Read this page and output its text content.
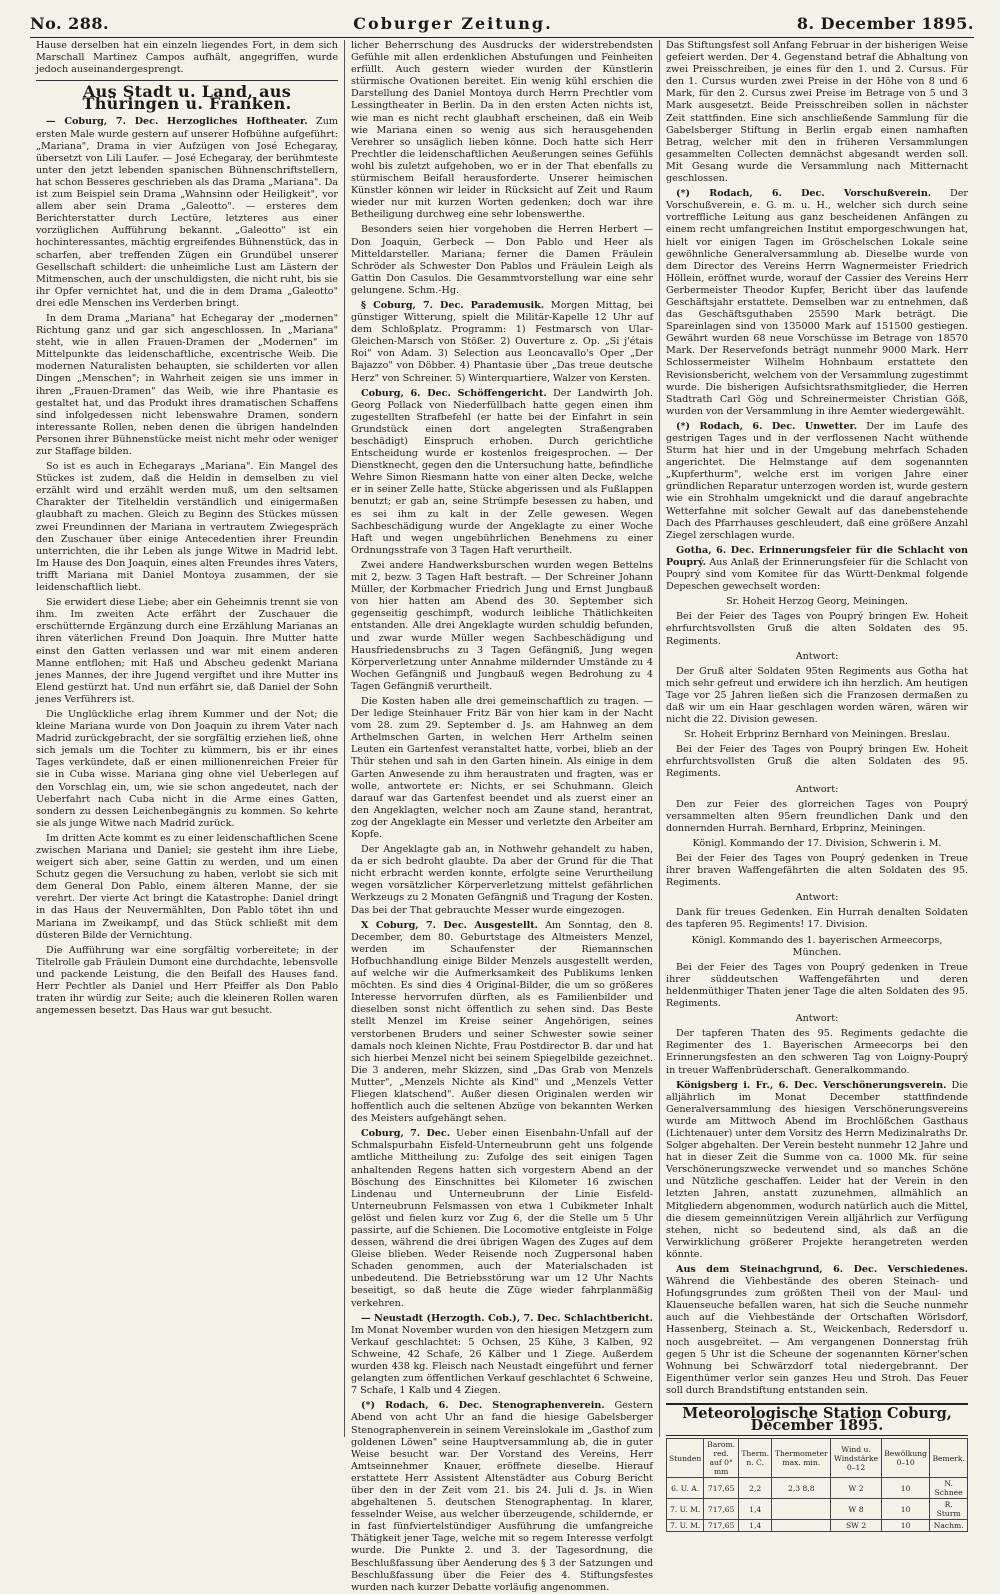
No. 288.	Coburger Zeitung.	8. December 1895.

Hause derselben hat ein einzeln liegendes Fort, in dem sich Marschall Martinez Campos aufhält, angegriffen, wurde jedoch auseinandergesprengt.

Aus Stadt u. Land, aus Thüringen u. Franken.

— Coburg, 7. Dec. Herzogliches Hoftheater. Zum ersten Male wurde gestern auf unserer Hofbühne aufgeführt: „Mariana", Drama in vier Aufzügen von José Echegaray, übersetzt von Lili Laufer. — José Echegaray, der berühmteste unter den jetzt lebenden spanischen Bühnenschriftstellern, hat schon Besseres geschrieben als das Drama „Mariana". Da ist zum Beispiel sein Drama „Wahnsinn oder Heiligkeit", vor allem aber sein Drama „Galeotto". — ersteres dem Berichterstatter durch Lectüre, letzteres aus einer vorzüglichen Aufführung bekannt. „Galeotto" ist ein hochinteressantes, mächtig ergreifendes Bühnenstück, das in scharfen, aber treffenden Zügen ein Grundübel unserer Gesellschaft schildert: die unheimliche Lust am Lästern der Mitmenschen, auch der unschuldigsten, die nicht ruht, bis sie ihr Opfer vernichtet hat, und die in dem Drama „Galeotto" drei edle Menschen ins Verderben bringt.

In dem Drama „Mariana" hat Echegaray der „modernen" Richtung ganz und gar sich angeschlossen. In „Mariana" steht, wie in allen Frauen-Dramen der „Modernen" im Mittelpunkte das leidenschaftliche, excentrische Weib. Die modernen Naturalisten behaupten, sie schilderten vor allen Dingen „Menschen"; in Wahrheit zeigen sie uns immer in ihren „Frauen-Dramen" das Weib, wie ihre Phantasie es gestaltet hat, und das Produkt ihres dramatischen Schaffens sind infolgedessen nicht lebenswahre Dramen, sondern interessante Rollen, neben denen die übrigen handelnden Personen ihrer Bühnenstücke meist nicht mehr oder weniger zur Staffage bilden.

So ist es auch in Echegarays „Mariana". Ein Mangel des Stückes ist zudem, daß die Heldin in demselben zu viel erzählt wird und erzählt werden muß, um den seltsamen Charakter der Titelheldin verständlich und einigermaßen glaubhaft zu machen. Gleich zu Beginn des Stückes müssen zwei Freundinnen der Mariana in vertrautem Zwiegespräch den Zuschauer über einige Antecedentien ihrer Freundin unterrichten, die ihr Leben als junge Witwe in Madrid lebt. Im Hause des Don Joaquin, eines alten Freundes ihres Vaters, trifft Mariana mit Daniel Montoya zusammen, der sie leidenschaftlich liebt.

Sie erwidert diese Liebe; aber ein Geheimnis trennt sie von ihm. Im zweiten Acte erfährt der Zuschauer die erschütternde Ergänzung durch eine Erzählung Marianas an ihren väterlichen Freund Don Joaquin. Ihre Mutter hatte einst den Gatten verlassen und war mit einem anderen Manne entflohen; mit Haß und Abscheu gedenkt Mariana jenes Mannes, der ihre Jugend vergiftet und ihre Mutter ins Elend gestürzt hat. Und nun erfährt sie, daß Daniel der Sohn jenes Verführers ist.

Die Unglückliche erlag ihrem Kummer und der Not; die kleine Mariana wurde von Don Joaquin zu ihrem Vater nach Madrid zurückgebracht, der sie sorgfältig erziehen ließ, ohne sich jemals um die Tochter zu kümmern, bis er ihr eines Tages verkündete, daß er einen millionenreichen Freier für sie in Cuba wisse. Mariana ging ohne viel Ueberlegen auf den Vorschlag ein, um, wie sie schon angedeutet, nach der Ueberfahrt nach Cuba nicht in die Arme eines Gatten, sondern zu dessen Leichenbegängnis zu kommen. So kehrte sie als junge Witwe nach Madrid zurück.

Im dritten Acte kommt es zu einer leidenschaftlichen Scene zwischen Mariana und Daniel; sie gesteht ihm ihre Liebe, weigert sich aber, seine Gattin zu werden, und um einen Schutz gegen die Versuchung zu haben, verlobt sie sich mit dem General Don Pablo, einem älteren Manne, der sie verehrt. Der vierte Act bringt die Katastrophe: Daniel dringt in das Haus der Neuvermählten, Don Pablo tötet ihn und Mariana im Zweikampf, und das Stück schließt mit dem düsteren Bilde der Vernichtung.

Die Aufführung war eine sorgfältig vorbereitete; in der Titelrolle gab Fräulein Dumont eine durchdachte, lebensvolle und packende Leistung, die den Beifall des Hauses fand. Herr Pechtler als Daniel und Herr Pfeiffer als Don Pablo traten ihr würdig zur Seite; auch die kleineren Rollen waren angemessen besetzt. Das Haus war gut besucht.

licher Beherrschung des Ausdrucks der widerstrebendsten Gefühle mit allen erdenklichen Abstufungen und Feinheiten erfüllt. Auch gestern wieder wurden der Künstlerin stürmische Ovationen bereitet. Ein wenig kühl erschien die Darstellung des Daniel Montoya durch Herrn Prechtler vom Lessingtheater in Berlin. Da in den ersten Acten nichts ist, wie man es nicht recht glaubhaft erscheinen, daß ein Weib wie Mariana einen so wenig aus sich herausgehenden Verehrer so unsäglich lieben könne. Doch hatte sich Herr Prechtler die leidenschaftlichen Aeußerungen seines Gefühls wohl bis zuletzt aufgehoben, wo er in der That ebenfalls zu stürmischem Beifall herausforderte. Unserer heimischen Künstler können wir leider in Rücksicht auf Zeit und Raum wieder nur mit kurzen Worten gedenken; doch war ihre Betheiligung durchweg eine sehr lobenswerthe.

Besonders seien hier vorgehoben die Herren Herbert — Don Joaquin, Gerbeck — Don Pablo und Heer als Mitteldarsteller. Mariana; ferner die Damen Fräulein Schröder als Schwester Don Pablos und Fräulein Leigh als Gattin Don Casulos. Die Gesammtvorstellung war eine sehr gelungene. Schm.-Hg.

§ Coburg, 7. Dec. Parademusik. Morgen Mittag, bei günstiger Witterung, spielt die Militär-Kapelle 12 Uhr auf dem Schloßplatz. Programm: 1) Festmarsch von Ular-Gleichen-Marsch von Stößer. 2) Ouverture z. Op. „Si j'étais Roi" von Adam. 3) Selection aus Leoncavallo's Oper „Der Bajazzo" von Döbber. 4) Phantasie über „Das treue deutsche Herz" von Schreiner. 5) Winterquartiere, Walzer von Kersten.

Coburg, 6. Dec. Schöffengericht. Der Landwirth Joh. Georg Pollack von Niederfüllbach hatte gegen einen ihm zugestellten Strafbefehl (er hatte bei der Einfahrt in sein Grundstück einen dort angelegten Straßengraben beschädigt) Einspruch erhoben. Durch gerichtliche Entscheidung wurde er kostenlos freigesprochen. — Der Dienstknecht, gegen den die Untersuchung hatte, befindliche Wehre Simon Riesmann hatte von einer alten Decke, welche er in seiner Zelle hatte, Stücke abgerissen und als Fußlappen benutzt; er gab an, seine Strümpfe besessen zu haben, und es sei ihm zu kalt in der Zelle gewesen. Wegen Sachbeschädigung wurde der Angeklagte zu einer Woche Haft und wegen ungebührlichen Benehmens zu einer Ordnungsstrafe von 3 Tagen Haft verurtheilt.

Zwei andere Handwerksburschen wurden wegen Bettelns mit 2, bezw. 3 Tagen Haft bestraft. — Der Schreiner Johann Müller, der Korbmacher Friedrich Jung und Ernst Jungbauß von hier hatten am Abend des 30. September sich gegenseitig geschimpft, wodurch leibliche Thätlichkeiten entstanden. Alle drei Angeklagte wurden schuldig befunden, und zwar wurde Müller wegen Sachbeschädigung und Hausfriedensbruchs zu 3 Tagen Gefängniß, Jung wegen Körperverletzung unter Annahme mildernder Umstände zu 4 Wochen Gefängniß und Jungbauß wegen Bedrohung zu 4 Tagen Gefängniß verurtheilt.

Die Kosten haben alle drei gemeinschaftlich zu tragen. — Der ledige Steinhauer Fritz Bär von hier kam in der Nacht vom 28. zum 29. September d. Js. am Hahnweg an dem Arthelmschen Garten, in welchen Herr Arthelm seinen Leuten ein Gartenfest veranstaltet hatte, vorbei, blieb an der Thür stehen und sah in den Garten hinein. Als einige in dem Garten Anwesende zu ihm heraustraten und fragten, was er wolle, antwortete er: Nichts, er sei Schuhmann. Gleich darauf war das Gartenfest beendet und als zuerst einer an den Angeklagten, welcher noch am Zaune stand, herantrat, zog der Angeklagte ein Messer und verletzte den Arbeiter am Kopfe.

Der Angeklagte gab an, in Nothwehr gehandelt zu haben, da er sich bedroht glaubte. Da aber der Grund für die That nicht erbracht werden konnte, erfolgte seine Verurtheilung wegen vorsätzlicher Körperverletzung mittelst gefährlichen Werkzeugs zu 2 Monaten Gefängniß und Tragung der Kosten. Das bei der That gebrauchte Messer wurde eingezogen.

X Coburg, 7. Dec. Ausgestellt. Am Sonntag, den 8. December, dem 80. Geburtstage des Altmeisters Menzel, werden im Schaufenster der Riemannschen Hofbuchhandlung einige Bilder Menzels ausgestellt werden, auf welche wir die Aufmerksamkeit des Publikums lenken möchten. Es sind dies 4 Original-Bilder, die um so größeres Interesse hervorrufen dürften, als es Familienbilder und dieselben sonst nicht öffentlich zu sehen sind. Das Beste stellt Menzel im Kreise seiner Angehörigen, seines verstorbenen Bruders und seiner Schwester sowie seiner damals noch kleinen Nichte, Frau Postdirector B. dar und hat sich hierbei Menzel nicht bei seinem Spiegelbilde gezeichnet. Die 3 anderen, mehr Skizzen, sind „Das Grab von Menzels Mutter", „Menzels Nichte als Kind" und „Menzels Vetter Fliegen klatschend". Außer diesen Originalen werden wir hoffentlich auch die seltenen Abzüge von bekannten Werken des Meisters aufgehängt sehen.

Coburg, 7. Dec. Ueber einen Eisenbahn-Unfall auf der Schmalspurbahn Eisfeld-Unterneubrunn geht uns folgende amtliche Mittheilung zu: Zufolge des seit einigen Tagen anhaltenden Regens hatten sich vorgestern Abend an der Böschung des Einschnittes bei Kilometer 16 zwischen Lindenau und Unterneubrunn der Linie Eisfeld-Unterneubrunn Felsmassen von etwa 1 Cubikmeter Inhalt gelöst und fielen kurz vor Zug 6, der die Stelle um 5 Uhr passirte, auf die Schienen. Die Locomotive entgleiste in Folge dessen, während die drei übrigen Wagen des Zuges auf dem Gleise blieben. Weder Reisende noch Zugpersonal haben Schaden genommen, auch der Materialschaden ist unbedeutend. Die Betriebsstörung war um 12 Uhr Nachts beseitigt, so daß heute die Züge wieder fahrplanmäßig verkehren.

— Neustadt (Herzogth. Cob.), 7. Dec. Schlachtbericht. Im Monat November wurden von den hiesigen Metzgern zum Verkauf geschlachtet: 5 Ochsen, 25 Kühe, 3 Kalben, 92 Schweine, 42 Schafe, 26 Kälber und 1 Ziege. Außerdem wurden 438 kg. Fleisch nach Neustadt eingeführt und ferner gelangten zum öffentlichen Verkauf geschlachtet 6 Schweine, 7 Schafe, 1 Kalb und 4 Ziegen.

(*) Rodach, 6. Dec. Stenographenverein. Gestern Abend von acht Uhr an fand die hiesige Gabelsberger Stenographenverein in seinem Vereinslokale im „Gasthof zum goldenen Löwen" seine Hauptversammlung ab, die in guter Weise besucht war. Der Vorstand des Vereins, Herr Amtseinnehmer Knauer, eröffnete dieselbe. Hierauf erstattete Herr Assistent Altenstädter aus Coburg Bericht über den in der Zeit vom 21. bis 24. Juli d. Js. in Wien abgehaltenen 5. deutschen Stenographentag. In klarer, fesselnder Weise, aus welcher überzeugende, schildernde, er in fast fünfviertelstündiger Ausführung die umfangreiche Thätigkeit jener Tage, welche mit so regem Interesse verfolgt wurde. Die Punkte 2. und 3. der Tagesordnung, die Beschlußfassung über Aenderung des § 3 der Satzungen und Beschlußfassung über die Feier des 4. Stiftungsfestes wurden nach kurzer Debatte vorläufig angenommen.

Das Stiftungsfest soll Anfang Februar in der bisherigen Weise gefeiert werden. Der 4. Gegenstand betraf die Abhaltung von zwei Preisschreiben, je eines für den 1. und 2. Cursus. Für den 1. Cursus wurden zwei Preise in der Höhe von 8 und 6 Mark, für den 2. Cursus zwei Preise im Betrage von 5 und 3 Mark ausgesetzt. Beide Preisschreiben sollen in nächster Zeit stattfinden. Eine sich anschließende Sammlung für die Gabelsberger Stiftung in Berlin ergab einen namhaften Betrag, welcher mit den in früheren Versammlungen gesammelten Collecten demnächst abgesandt werden soll. Mit Gesang wurde die Versammlung nach Mitternacht geschlossen.

(*) Rodach, 6. Dec. Vorschußverein. Der Vorschußverein, e. G. m. u. H., welcher sich durch seine vortreffliche Leitung aus ganz bescheidenen Anfängen zu einem recht umfangreichen Institut emporgeschwungen hat, hielt vor einigen Tagen im Gröschelschen Lokale seine gewöhnliche Generalversammlung ab. Dieselbe wurde von dem Director des Vereins Herrn Wagnermeister Friedrich Höllein, eröffnet wurde, worauf der Cassier des Vereins Herr Gerbermeister Theodor Kupfer, Bericht über das laufende Geschäftsjahr erstattete. Demselben war zu entnehmen, daß das Geschäftsguthaben 25590 Mark beträgt. Die Spareinlagen sind von 135000 Mark auf 151500 gestiegen. Gewährt wurden 68 neue Vorschüsse im Betrage von 18570 Mark. Der Reservefonds beträgt nunmehr 9000 Mark. Herr Schlossermeister Wilhelm Hohnbaum erstattete den Revisionsbericht, welchem von der Versammlung zugestimmt wurde. Die bisherigen Aufsichtsrathsmitglieder, die Herren Stadtrath Carl Gög und Schreinermeister Christian Göß, wurden von der Versammlung in ihre Aemter wiedergewählt.

(*) Rodach, 6. Dec. Unwetter. Der im Laufe des gestrigen Tages und in der verflossenen Nacht wüthende Sturm hat hier und in der Umgebung mehrfach Schaden angerichtet. Die Helmstange auf dem sogenannten „Kupferthurm", welche erst im vorigen Jahre einer gründlichen Reparatur unterzogen worden ist, wurde gestern wie ein Strohhalm umgeknickt und die darauf angebrachte Wetterfahne mit solcher Gewalt auf das danebenstehende Dach des Pfarrhauses geschleudert, daß eine größere Anzahl Ziegel zerschlagen wurde.

Gotha, 6. Dec. Erinnerungsfeier für die Schlacht von Pouprý. Aus Anlaß der Erinnerungsfeier für die Schlacht von Pouprý sind vom Komitee für das Württ-Denkmal folgende Depeschen gewechselt worden:

Sr. Hoheit Herzog Georg, Meiningen.

Bei der Feier des Tages von Pouprý bringen Ew. Hoheit ehrfurchtsvollsten Gruß die alten Soldaten des 95. Regiments.

Antwort:

Der Gruß alter Soldaten 95ten Regiments aus Gotha hat mich sehr gefreut und erwidere ich ihn herzlich. Am heutigen Tage vor 25 Jahren ließen sich die Franzosen dermaßen zu daß wir um ein Haar geschlagen worden wären, wären wir nicht die 22. Division gewesen.

Sr. Hoheit Erbprinz Bernhard von Meiningen. Breslau.

Bei der Feier des Tages von Pouprý bringen Ew. Hoheit ehrfurchtsvollsten Gruß die alten Soldaten des 95. Regiments.

Antwort:

Den zur Feier des glorreichen Tages von Pouprý versammelten alten 95ern freundlichen Dank und den donnernden Hurrah. Bernhard, Erbprinz, Meiningen.

Königl. Kommando der 17. Division, Schwerin i. M.

Bei der Feier des Tages von Pouprý gedenken in Treue ihrer braven Waffengefährten die alten Soldaten des 95. Regiments.

Antwort:

Dank für treues Gedenken. Ein Hurrah denalten Soldaten des tapferen 95. Regiments! 17. Division.

Königl. Kommando des 1. bayerischen Armeecorps, München.

Bei der Feier des Tages von Pouprý gedenken in Treue ihrer süddeutschen Waffengefährten und deren heldenmüthiger Thaten jener Tage die alten Soldaten des 95. Regiments.

Antwort:

Der tapferen Thaten des 95. Regiments gedachte die Regimenter des 1. Bayerischen Armeecorps bei den Erinnerungsfesten an den schweren Tag von Loigny-Pouprý in treuer Waffenbrüderschaft. Generalkommando.

Königsberg i. Fr., 6. Dec. Verschönerungsverein. Die alljährlich im Monat December stattfindende Generalversammlung des hiesigen Verschönerungsvereins wurde am Mittwoch Abend im Brochlößchen Gasthaus (Lichtenauer) unter dem Vorsitz des Herrn Medizinalraths Dr. Solger abgehalten. Der Verein besteht nunmehr 12 Jahre und hat in dieser Zeit die Summe von ca. 1000 Mk. für seine Verschönerungszwecke verwendet und so manches Schöne und Nützliche geschaffen. Leider hat der Verein in den letzten Jahren, anstatt zuzunehmen, allmählich an Mitgliedern abgenommen, wodurch natürlich auch die Mittel, die diesem gemeinnützigen Verein alljährlich zur Verfügung stehen, nicht so bedeutend sind, als daß an die Verwirklichung größerer Projekte herangetreten werden könnte.

Aus dem Steinachgrund, 6. Dec. Verschiedenes. Während die Viehbestände des oberen Steinach- und Hofungsgrundes zum größten Theil von der Maul- und Klauenseuche befallen waren, hat sich die Seuche nunmehr auch auf die Viehbestände der Ortschaften Wörlsdorf, Hassenberg, Steinach a. St., Weickenbach, Redersdorf u. noch ausgebreitet. — Am vergangenen Donnerstag früh gegen 5 Uhr ist die Scheune der sogenannten Körner'schen Wohnung bei Schwärzdorf total niedergebrannt. Der Eigenthümer verlor sein ganzes Heu und Stroh. Das Feuer soll durch Brandstiftung entstanden sein.

Meteorologische Station Coburg, December 1895.
Stunden	Barom. red. auf 0° mm	Therm. n. C.	Thermometer max. min.	Wind u. Windstärke 0–12	Bewölkung 0–10	Bemerk.
6. U. A.	717,65	2,2	2,3 8,8	W 2	10	N. Schnee
7. U. M.	717,65	1,4		W 8	10	R. Sturm
7. U. M.	717,65	1,4		SW 2	10	Nachm.
